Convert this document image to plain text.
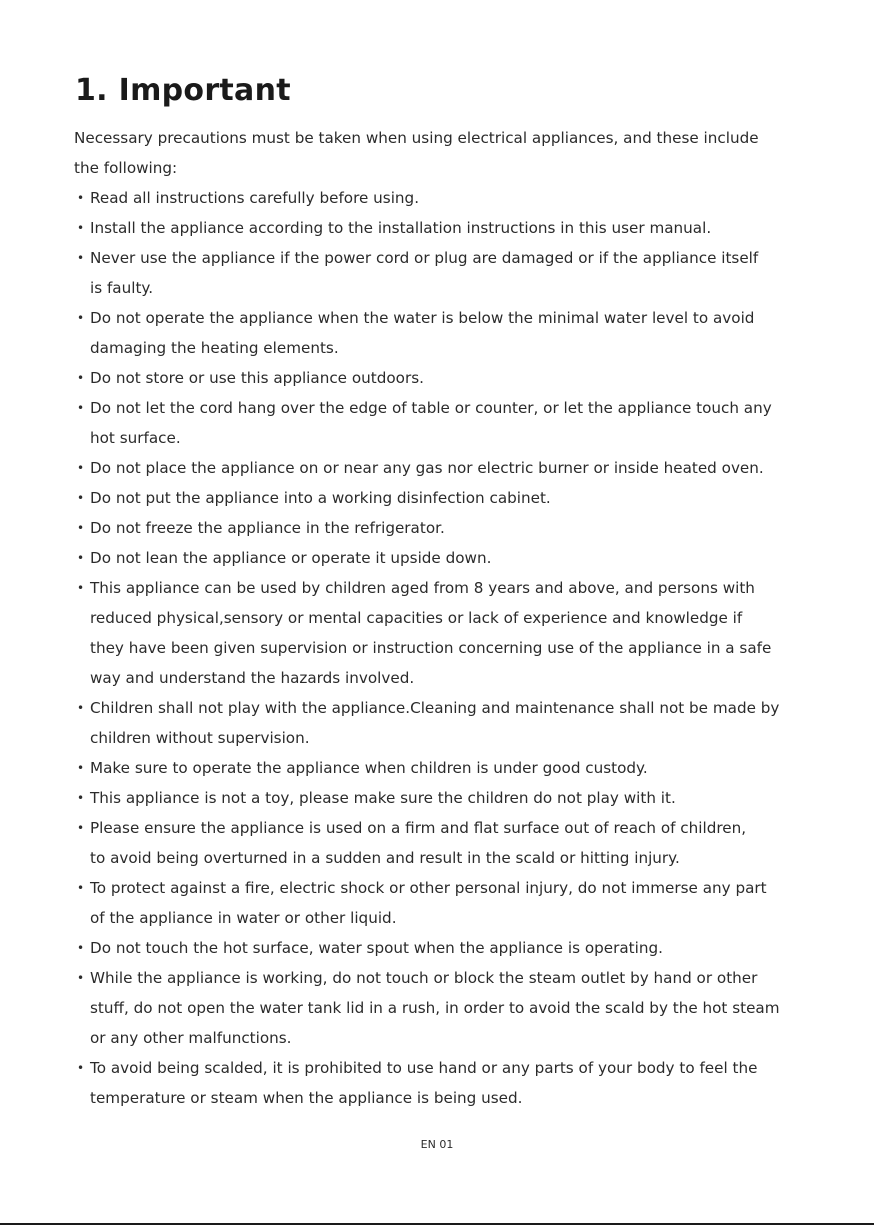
1. Important

Necessary precautions must be taken when using electrical appliances, and these include
the following:

• Read all instructions carefully before using.
• Install the appliance according to the installation instructions in this user manual.
• Never use the appliance if the power cord or plug are damaged or if the appliance itself
is faulty.
• Do not operate the appliance when the water is below the minimal water level to avoid
damaging the heating elements.
• Do not store or use this appliance outdoors.
• Do not let the cord hang over the edge of table or counter, or let the appliance touch any
hot surface.
• Do not place the appliance on or near any gas nor electric burner or inside heated oven.
• Do not put the appliance into a working disinfection cabinet.
• Do not freeze the appliance in the refrigerator.
• Do not lean the appliance or operate it upside down.
• This appliance can be used by children aged from 8 years and above, and persons with
reduced physical,sensory or mental capacities or lack of experience and knowledge if
they have been given supervision or instruction concerning use of the appliance in a safe
way and understand the hazards involved.
• Children shall not play with the appliance.Cleaning and maintenance shall not be made by
children without supervision.
• Make sure to operate the appliance when children is under good custody.
• This appliance is not a toy, please make sure the children do not play with it.
• Please ensure the appliance is used on a firm and flat surface out of reach of children,
to avoid being overturned in a sudden and result in the scald or hitting injury.
• To protect against a fire, electric shock or other personal injury, do not immerse any part
of the appliance in water or other liquid.
• Do not touch the hot surface, water spout when the appliance is operating.
• While the appliance is working, do not touch or block the steam outlet by hand or other
stuff, do not open the water tank lid in a rush, in order to avoid the scald by the hot steam
or any other malfunctions.
• To avoid being scalded, it is prohibited to use hand or any parts of your body to feel the
temperature or steam when the appliance is being used.
EN 01
